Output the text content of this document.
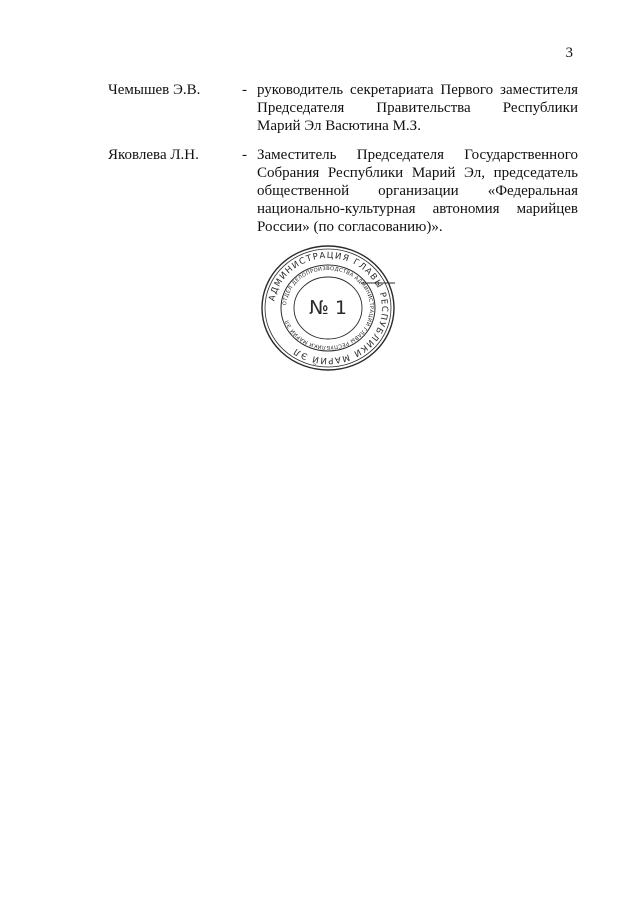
3
Чемышев Э.В.	- руководитель секретариата Первого заместителя
Председателя Правительства Республики
Марий Эл Васютина М.З.
Яковлева Л.Н.	- Заместитель Председателя Государственного
Собрания Республики Марий Эл, председатель
общественной организации «Федеральная
национально-культурная автономия марийцев
России» (по согласованию)».
АДМИНИСТРАЦИЯ ГЛАВЫ РЕСПУБЛИКИ МАРИЙ ЭЛ
ОТДЕЛ ДЕЛОПРОИЗВОДСТВА АДМИНИСТРАЦИИ ГЛАВЫ РЕСПУБЛИКИ МАРИЙ ЭЛ
№ 1
